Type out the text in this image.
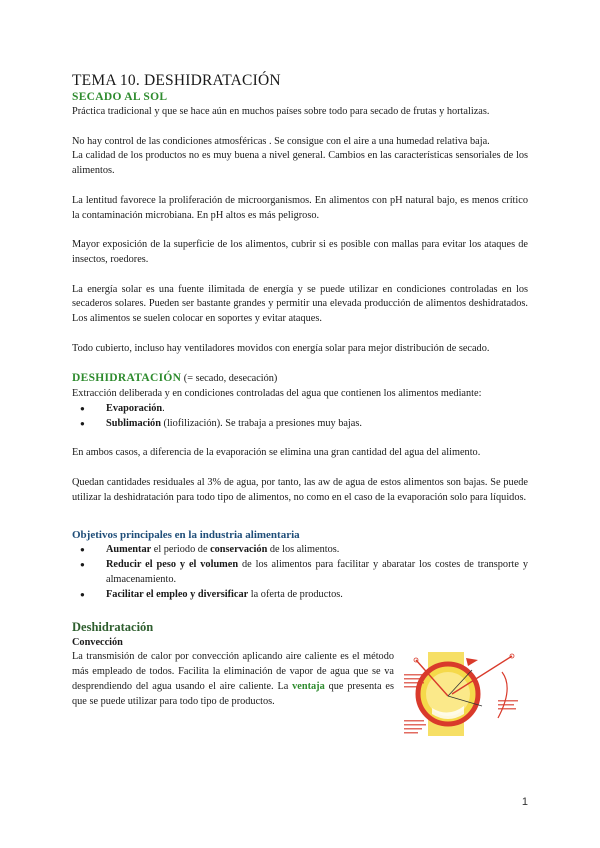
TEMA 10. DESHIDRATACIÓN
SECADO AL SOL

Práctica tradicional y que se hace aún en muchos países sobre todo para secado de frutas y hortalizas.

No hay control de las condiciones atmosféricas . Se consigue con el aire a una humedad relativa baja.

La calidad de los productos no es muy buena a nivel general. Cambios en las características sensoriales de los alimentos.

La lentitud favorece la proliferación de microorganismos. En alimentos con pH natural bajo, es menos crítico la contaminación microbiana. En pH altos es más peligroso.

Mayor exposición de la superficie de los alimentos, cubrir si es posible con mallas para evitar los ataques de insectos, roedores.

La energía solar es una fuente ilimitada de energía y se puede utilizar en condiciones controladas en los secaderos solares. Pueden ser bastante grandes y permitir una elevada producción de alimentos deshidratados. Los alimentos se suelen colocar en soportes y evitar ataques.

Todo cubierto, incluso hay ventiladores movidos con energía solar para mejor distribución de secado.

DESHIDRATACIÓN (= secado, desecación)

Extracción deliberada y en condiciones controladas del agua que contienen los alimentos mediante:

● Evaporación.
● Sublimación (liofilización). Se trabaja a presiones muy bajas.

En ambos casos, a diferencia de la evaporación se elimina una gran cantidad del agua del alimento.

Quedan cantidades residuales al 3% de agua, por tanto, las aw de agua de estos alimentos son bajas. Se puede utilizar la deshidratación para todo tipo de alimentos, no como en el caso de la evaporación solo para líquidos.

Objetivos principales en la industria alimentaria
● Aumentar el periodo de conservación de los alimentos.
● Reducir el peso y el volumen de los alimentos para facilitar y abaratar los costes de transporte y almacenamiento.
● Facilitar el empleo y diversificar la oferta de productos.
Deshidratación
Convección

La transmisión de calor por convección aplicando aire caliente es el método más empleado de todos. Facilita la eliminación de vapor de agua que se va desprendiendo del agua usando el aire caliente. La ventaja que presenta es que se puede utilizar para todo tipo de productos.

1
